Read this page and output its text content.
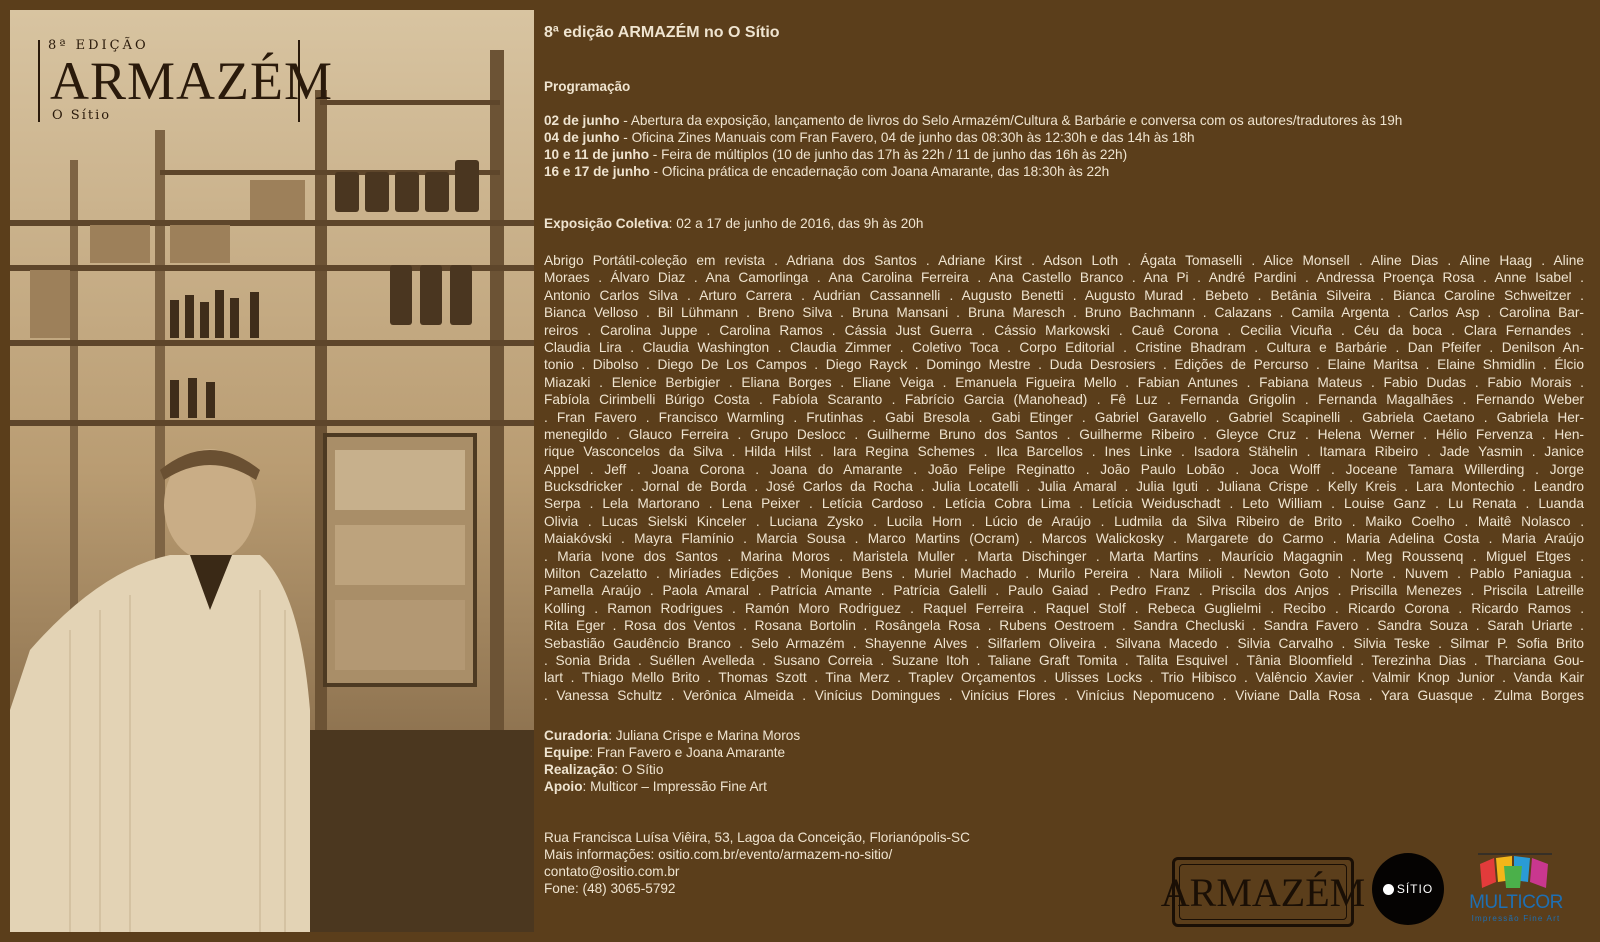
8ª EDIÇÃO
ARMAZÉM
O Sítio
8ª edição ARMAZÉM no O Sítio
Programação
02 de junho - Abertura da exposição, lançamento de livros do Selo Armazém/Cultura & Barbárie e conversa com os autores/tradutores às 19h
04 de junho - Oficina Zines Manuais com Fran Favero, 04 de junho das 08:30h às 12:30h e das 14h às 18h
10 e 11 de junho - Feira de múltiplos (10 de junho das 17h às 22h / 11 de junho das 16h às 22h)
16 e 17 de junho - Oficina prática de encadernação com Joana Amarante, das 18:30h às 22h
Exposição Coletiva: 02 a 17 de junho de 2016, das 9h às 20h
Abrigo Portátil-coleção em revista . Adriana dos Santos . Adriane Kirst . Adson Loth . Ágata Tomaselli . Alice Monsell . Aline Dias . Aline Haag . Aline
Moraes . Álvaro Diaz . Ana Camorlinga . Ana Carolina Ferreira . Ana Castello Branco . Ana Pi . André Pardini . Andressa Proença Rosa . Anne Isabel .
Antonio Carlos Silva . Arturo Carrera . Audrian Cassannelli . Augusto Benetti . Augusto Murad . Bebeto . Betânia Silveira . Bianca Caroline Schweitzer .
Bianca Velloso . Bil Lühmann . Breno Silva . Bruna Mansani . Bruna Maresch . Bruno Bachmann . Calazans . Camila Argenta . Carlos Asp . Carolina Bar-
reiros . Carolina Juppe . Carolina Ramos . Cássia Just Guerra . Cássio Markowski . Cauê Corona . Cecilia Vicuña . Céu da boca . Clara Fernandes .
Claudia Lira . Claudia Washington . Claudia Zimmer . Coletivo Toca . Corpo Editorial . Cristine Bhadram . Cultura e Barbárie . Dan Pfeifer . Denilson An-
tonio . Dibolso . Diego De Los Campos . Diego Rayck . Domingo Mestre . Duda Desrosiers . Edições de Percurso . Elaine Maritsa . Elaine Shmidlin . Élcio
Miazaki . Elenice Berbigier . Eliana Borges . Eliane Veiga . Emanuela Figueira Mello . Fabian Antunes . Fabiana Mateus . Fabio Dudas . Fabio Morais .
Fabíola Cirimbelli Búrigo Costa . Fabíola Scaranto . Fabrício Garcia (Manohead) . Fê Luz . Fernanda Grigolin . Fernanda Magalhães . Fernando Weber
. Fran Favero . Francisco Warmling . Frutinhas . Gabi Bresola . Gabi Etinger . Gabriel Garavello . Gabriel Scapinelli . Gabriela Caetano . Gabriela Her-
menegildo . Glauco Ferreira . Grupo Deslocc . Guilherme Bruno dos Santos . Guilherme Ribeiro . Gleyce Cruz . Helena Werner . Hélio Fervenza . Hen-
rique Vasconcelos da Silva . Hilda Hilst . Iara Regina Schemes . Ilca Barcellos . Ines Linke . Isadora Stähelin . Itamara Ribeiro . Jade Yasmin . Janice
Appel . Jeff . Joana Corona . Joana do Amarante . João Felipe Reginatto . João Paulo Lobão . Joca Wolff . Joceane Tamara Willerding . Jorge
Bucksdricker . Jornal de Borda . José Carlos da Rocha . Julia Locatelli . Julia Amaral . Julia Iguti . Juliana Crispe . Kelly Kreis . Lara Montechio . Leandro
Serpa . Lela Martorano . Lena Peixer . Letícia Cardoso . Letícia Cobra Lima . Letícia Weiduschadt . Leto William . Louise Ganz . Lu Renata . Luanda
Olivia . Lucas Sielski Kinceler . Luciana Zysko . Lucila Horn . Lúcio de Araújo . Ludmila da Silva Ribeiro de Brito . Maiko Coelho . Maitê Nolasco .
Maiakóvski . Mayra Flamínio . Marcia Sousa . Marco Martins (Ocram) . Marcos Walickosky . Margarete do Carmo . Maria Adelina Costa . Maria Araújo
. Maria Ivone dos Santos . Marina Moros . Maristela Muller . Marta Dischinger . Marta Martins . Maurício Magagnin . Meg Roussenq . Miguel Etges .
Milton Cazelatto . Miríades Edições . Monique Bens . Muriel Machado . Murilo Pereira . Nara Milioli . Newton Goto . Norte . Nuvem . Pablo Paniagua .
Pamella Araújo . Paola Amaral . Patrícia Amante . Patrícia Galelli . Paulo Gaiad . Pedro Franz . Priscila dos Anjos . Priscilla Menezes . Priscila Latreille
Kolling . Ramon Rodrigues . Ramón Moro Rodriguez . Raquel Ferreira . Raquel Stolf . Rebeca Guglielmi . Recibo . Ricardo Corona . Ricardo Ramos .
Rita Eger . Rosa dos Ventos . Rosana Bortolin . Rosângela Rosa . Rubens Oestroem . Sandra Checluski . Sandra Favero . Sandra Souza . Sarah Uriarte .
Sebastião Gaudêncio Branco . Selo Armazém . Shayenne Alves . Silfarlem Oliveira . Silvana Macedo . Silvia Carvalho . Silvia Teske . Silmar P. Sofia Brito
. Sonia Brida . Suéllen Avelleda . Susano Correia . Suzane Itoh . Taliane Graft Tomita . Talita Esquivel . Tânia Bloomfield . Terezinha Dias . Tharciana Gou-
lart . Thiago Mello Brito . Thomas Szott . Tina Merz . Traplev Orçamentos . Ulisses Locks . Trio Hibisco . Valêncio Xavier . Valmir Knop Junior . Vanda Kair
. Vanessa Schultz . Verônica Almeida . Vinícius Domingues . Vinícius Flores . Vinícius Nepomuceno . Viviane Dalla Rosa . Yara Guasque . Zulma Borges
Curadoria: Juliana Crispe e Marina Moros
Equipe: Fran Favero e Joana Amarante
Realização: O Sítio
Apoio: Multicor – Impressão Fine Art
Rua Francisca Luísa Viêira, 53, Lagoa da Conceição, Florianópolis-SC
Mais informações: ositio.com.br/evento/armazem-no-sitio/
contato@ositio.com.br
Fone: (48) 3065-5792	ARMAZÉM	SÍTIO
MULTICOR
Impressão Fine Art
